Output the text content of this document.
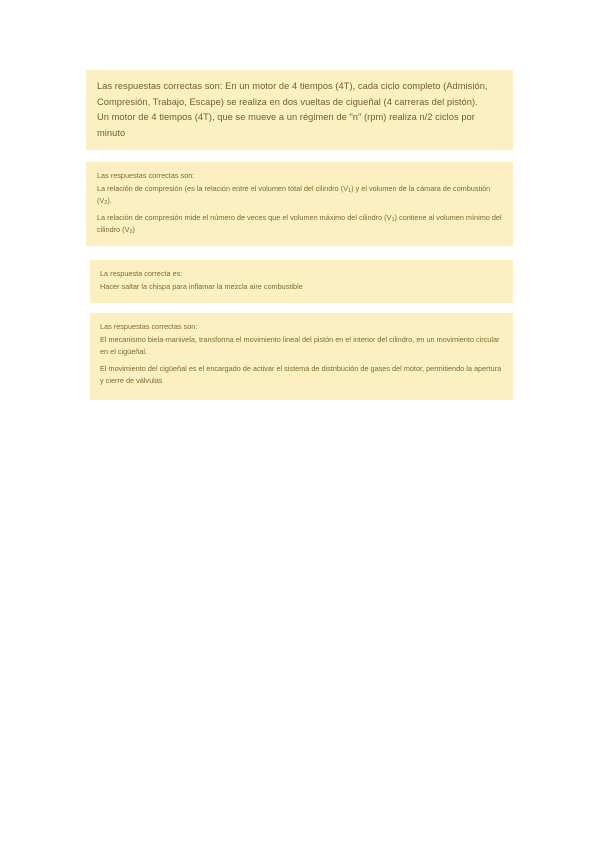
Las respuestas correctas son: En un motor de 4 tiempos (4T), cada ciclo completo (Admisión, Compresión, Trabajo, Escape) se realiza en dos vueltas de cigueñal (4 carreras del pistón).

Un motor de 4 tiempos (4T), que se mueve a un régimen de "n" (rpm) realiza n/2 ciclos por minuto

Las respuestas correctas son:

La relación de compresión (es la relación entre el volumen total del cilindro $(V_1)$ y el volumen de la cámara de combustión $(V_2)$.

La relación de compresión mide el número de veces que el volumen máximo del cilindro $(V_1)$ contiene al volumen mínimo del cilindro $(V_2)$

La respuesta correcta es:

Hacer saltar la chispa para inflamar la mezcla aire combustible

Las respuestas correctas son:

El mecanismo biela-manivela, transforma el movimiento lineal del pistón en el interior del cilindro, en un movimiento circular en el cigüeñal.

El movimiento del cigüeñal es el encargado de activar el sistema de distribución de gases del motor, permitiendo la apertura y cierre de válvulas
